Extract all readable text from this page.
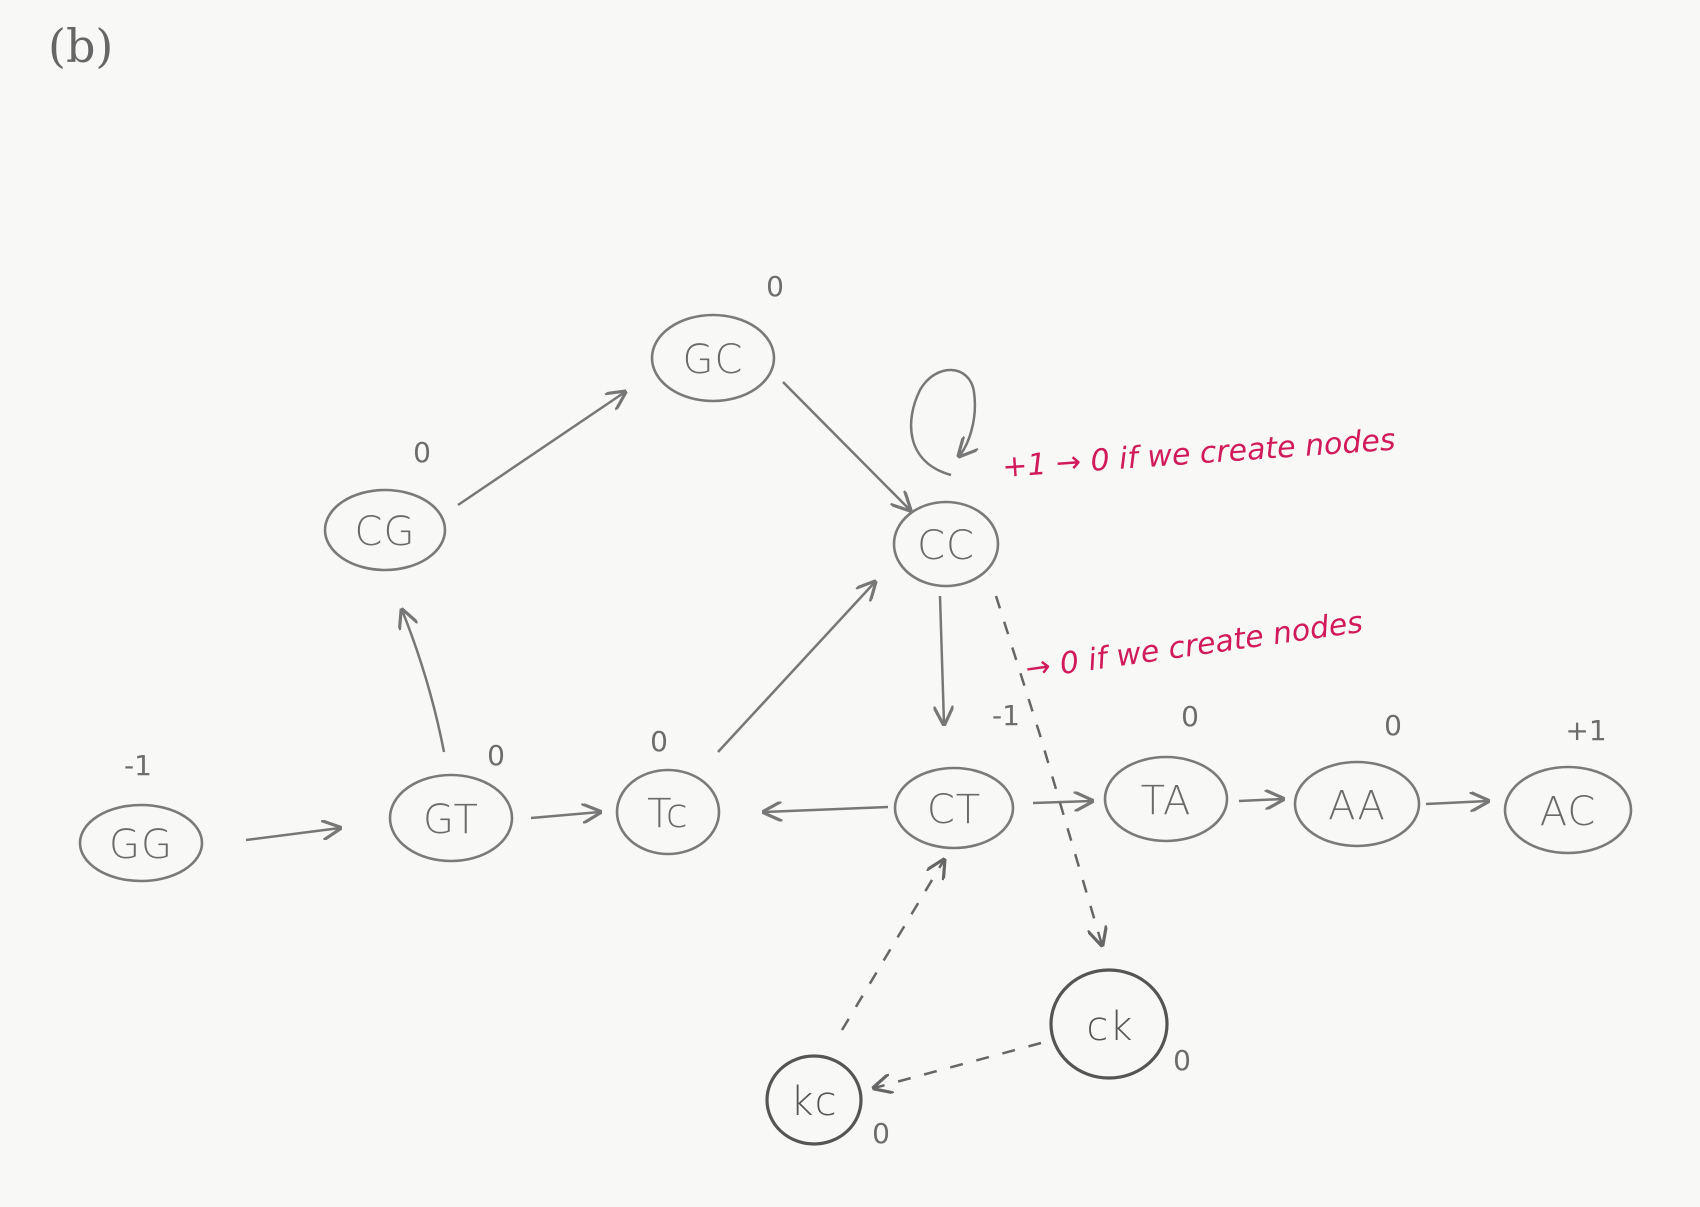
(b)
GG
-1
GT
0
CG
0
GC
0
Tc
0
CC
CT
-1
TA
0
AA
0
AC
+1
ck
0
kc
0
+1 → 0 if we create nodes
→ 0 if we create nodes
